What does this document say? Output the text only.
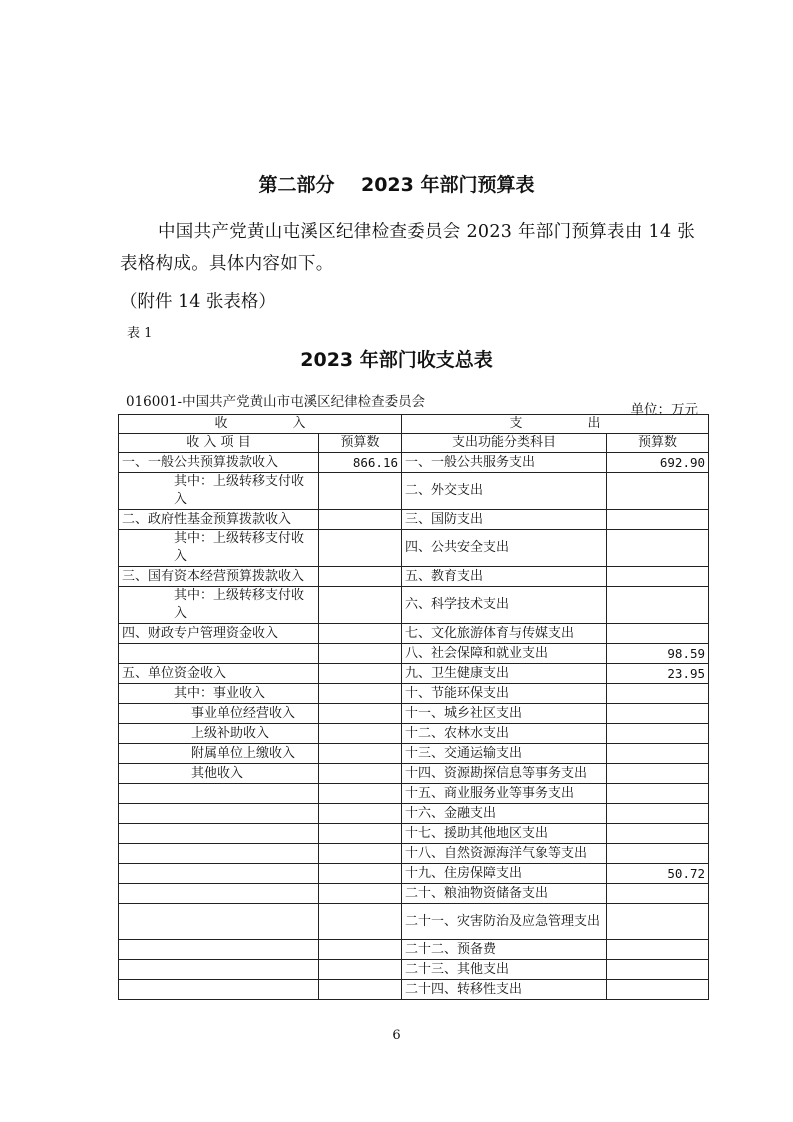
第二部分    2023 年部门预算表
中国共产党黄山屯溪区纪律检查委员会 2023 年部门预算表由 14 张表格构成。具体内容如下。
（附件 14 张表格）
表 1
2023 年部门收支总表
016001-中国共产党黄山市屯溪区纪律检查委员会	单位：万元
收　　　　　入		支　　　　　出	
收 入 项 目	预算数	支出功能分类科目	预算数
一、一般公共预算拨款收入	866.16	一、一般公共服务支出	692.90
其中：上级转移支付收入		二、外交支出	
二、政府性基金预算拨款收入		三、国防支出	
其中：上级转移支付收入		四、公共安全支出	
三、国有资本经营预算拨款收入		五、教育支出	
其中：上级转移支付收入		六、科学技术支出	
四、财政专户管理资金收入		七、文化旅游体育与传媒支出	
		八、社会保障和就业支出	98.59
五、单位资金收入		九、卫生健康支出	23.95
其中：事业收入		十、节能环保支出	
事业单位经营收入		十一、城乡社区支出	
上级补助收入		十二、农林水支出	
附属单位上缴收入		十三、交通运输支出	
其他收入		十四、资源勘探信息等事务支出	
		十五、商业服务业等事务支出	
		十六、金融支出	
		十七、援助其他地区支出	
		十八、自然资源海洋气象等支出	
		十九、住房保障支出	50.72
		二十、粮油物资储备支出	
		二十一、灾害防治及应急管理支出	
		二十二、预备费	
		二十三、其他支出	
		二十四、转移性支出	
6
